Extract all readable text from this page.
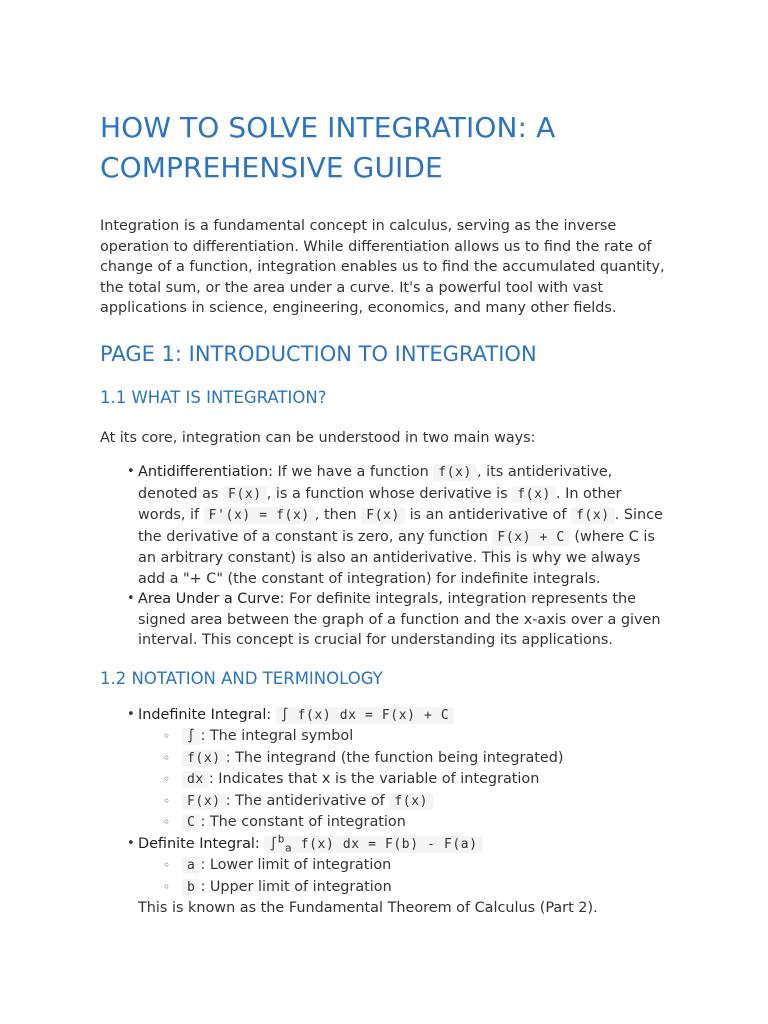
HOW TO SOLVE INTEGRATION: A COMPREHENSIVE GUIDE

Integration is a fundamental concept in calculus, serving as the inverse operation to differentiation. While differentiation allows us to find the rate of change of a function, integration enables us to find the accumulated quantity, the total sum, or the area under a curve. It's a powerful tool with vast applications in science, engineering, economics, and many other fields.

PAGE 1: INTRODUCTION TO INTEGRATION
1.1 WHAT IS INTEGRATION?

At its core, integration can be understood in two main ways:

• Antidifferentiation: If we have a function f(x) , its antiderivative, denoted as F(x) , is a function whose derivative is f(x) . In other words, if F'(x) = f(x) , then F(x) is an antiderivative of f(x) . Since the derivative of a constant is zero, any function F(x) + C (where C is an arbitrary constant) is also an antiderivative. This is why we always add a "+ C" (the constant of integration) for indefinite integrals.
• Area Under a Curve: For definite integrals, integration represents the signed area between the graph of a function and the x-axis over a given interval. This concept is crucial for understanding its applications.
1.2 NOTATION AND TERMINOLOGY
• Indefinite Integral: ∫ f(x) dx = F(x) + C
◦ ∫ : The integral symbol
◦ f(x) : The integrand (the function being integrated)
◦ dx : Indicates that x is the variable of integration
◦ F(x) : The antiderivative of f(x)
◦ C : The constant of integration
• Definite Integral: ∫$^b_a$ f(x) dx = F(b) - F(a)
◦ a : Lower limit of integration
◦ b : Upper limit of integration

This is known as the Fundamental Theorem of Calculus (Part 2).
